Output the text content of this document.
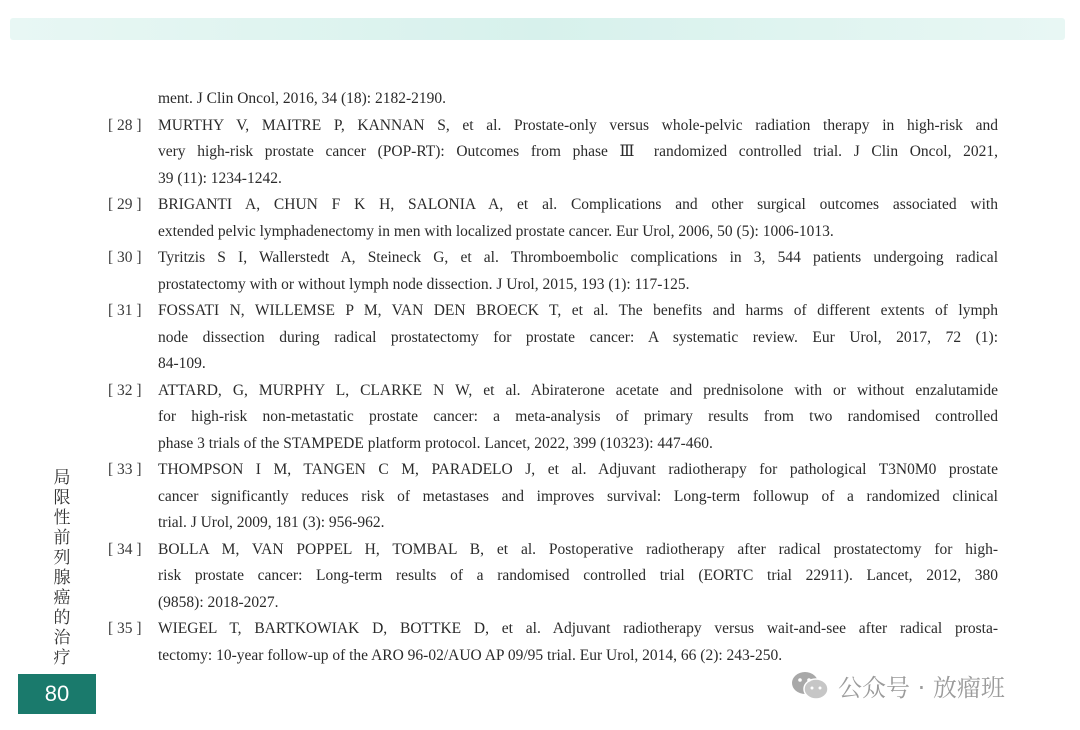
ment. J Clin Oncol, 2016, 34 (18): 2182-2190.
[ 28 ]	MURTHY V, MAITRE P, KANNAN S, et al. Prostate-only versus whole-pelvic radiation therapy in high-risk and
very high-risk prostate cancer (POP-RT): Outcomes from phase Ⅲ randomized controlled trial. J Clin Oncol, 2021,
39 (11): 1234-1242.
[ 29 ]	BRIGANTI A, CHUN F K H, SALONIA A, et al. Complications and other surgical outcomes associated with
extended pelvic lymphadenectomy in men with localized prostate cancer. Eur Urol, 2006, 50 (5): 1006-1013.
[ 30 ]	Tyritzis S I, Wallerstedt A, Steineck G, et al. Thromboembolic complications in 3, 544 patients undergoing radical
prostatectomy with or without lymph node dissection. J Urol, 2015, 193 (1): 117-125.
[ 31 ]	FOSSATI N, WILLEMSE P M, VAN DEN BROECK T, et al. The benefits and harms of different extents of lymph
node dissection during radical prostatectomy for prostate cancer: A systematic review. Eur Urol, 2017, 72 (1):
84-109.
[ 32 ]	ATTARD, G, MURPHY L, CLARKE N W, et al. Abiraterone acetate and prednisolone with or without enzalutamide
for high-risk non-metastatic prostate cancer: a meta-analysis of primary results from two randomised controlled
phase 3 trials of the STAMPEDE platform protocol. Lancet, 2022, 399 (10323): 447-460.
[ 33 ]	THOMPSON I M, TANGEN C M, PARADELO J, et al. Adjuvant radiotherapy for pathological T3N0M0 prostate
cancer significantly reduces risk of metastases and improves survival: Long-term followup of a randomized clinical
trial. J Urol, 2009, 181 (3): 956-962.
[ 34 ]	BOLLA M, VAN POPPEL H, TOMBAL B, et al. Postoperative radiotherapy after radical prostatectomy for high-
risk prostate cancer: Long-term results of a randomised controlled trial (EORTC trial 22911). Lancet, 2012, 380
(9858): 2018-2027.
[ 35 ]	WIEGEL T, BARTKOWIAK D, BOTTKE D, et al. Adjuvant radiotherapy versus wait-and-see after radical prosta-
tectomy: 10-year follow-up of the ARO 96-02/AUO AP 09/95 trial. Eur Urol, 2014, 66 (2): 243-250.
局
限
性
前
列
腺
癌
的
治
疗
80	公众号 · 放瘤班
